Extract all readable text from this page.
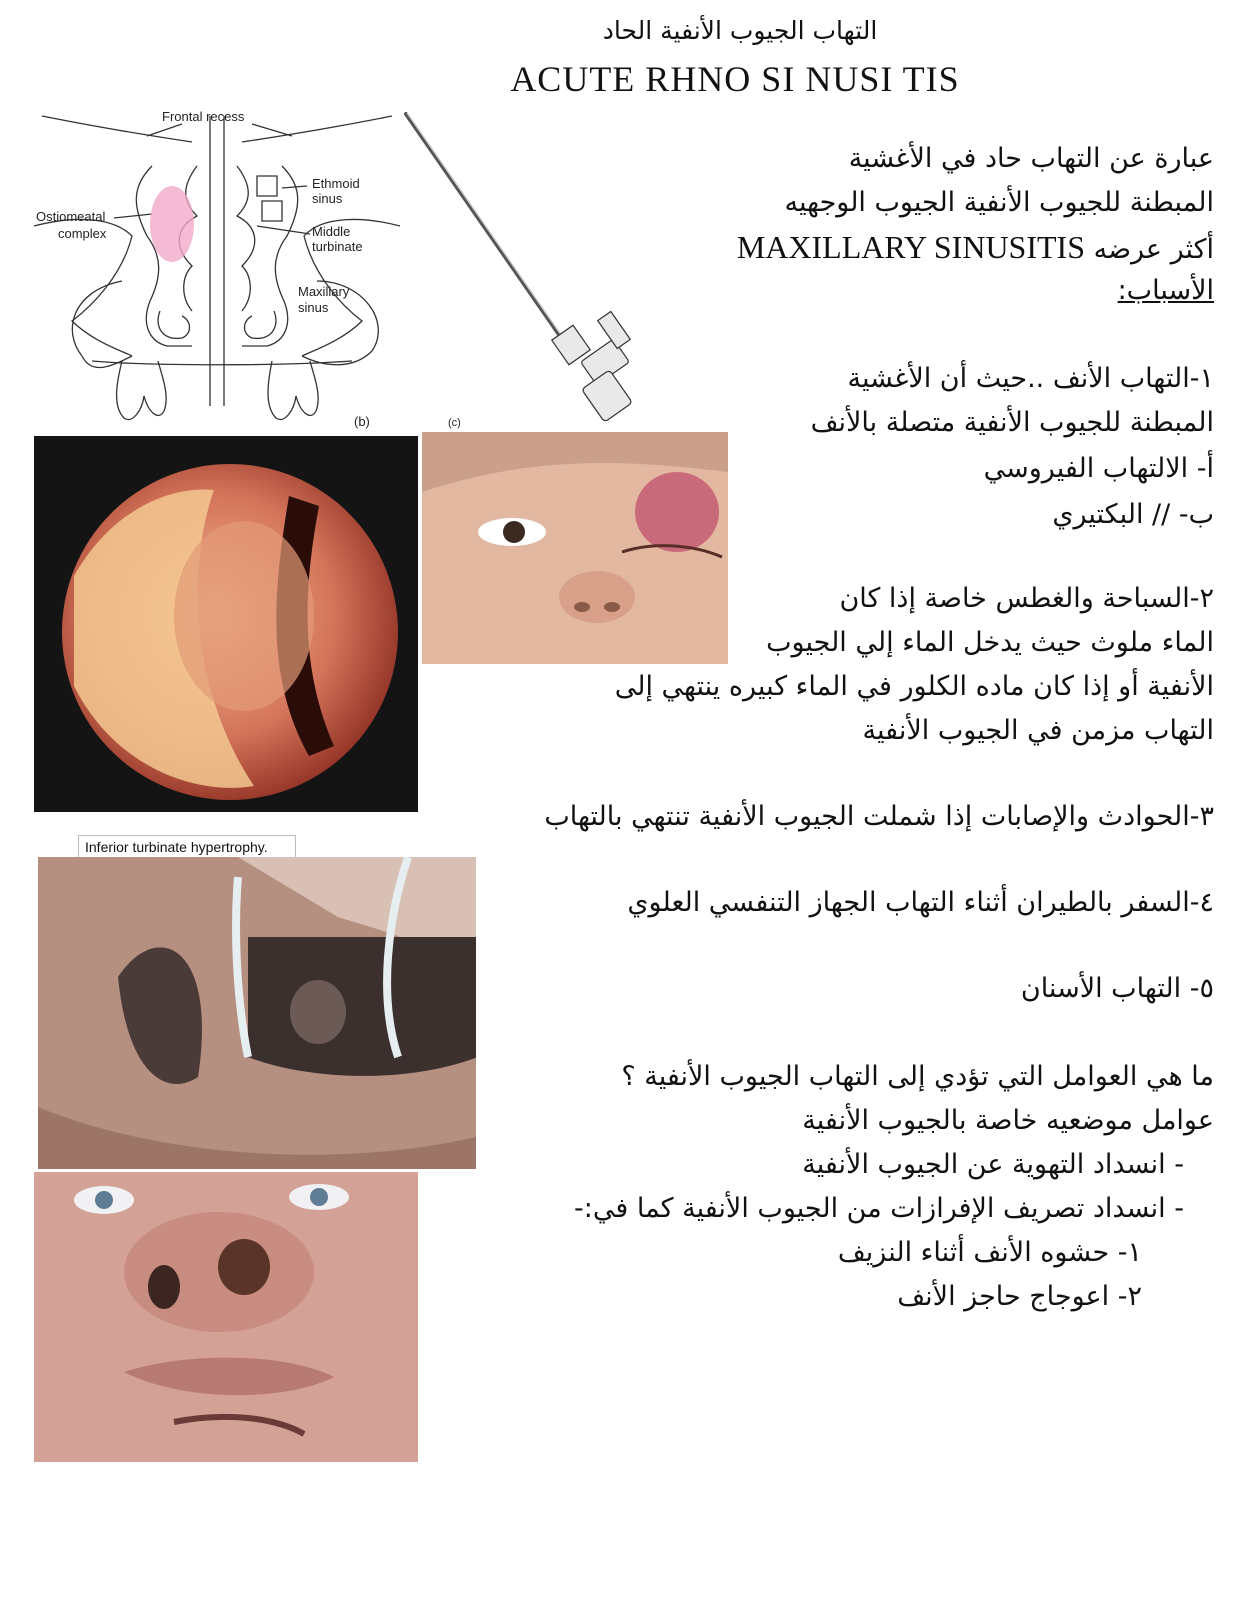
التهاب الجيوب الأنفية الحاد
ACUTE RHNO SI NUSI TIS
Frontal recess
Ethmoid
sinus
Ostiomeatal
complex	Middle
turbinate
Maxillary
sinus
(b)	(c)
Inferior turbinate hypertrophy.
عبارة عن التهاب حاد في الأغشية
المبطنة للجيوب الأنفية الجيوب الوجهيه
أكثر عرضه MAXILLARY SINUSITIS
الأسباب:
١-التهاب الأنف ..حيث أن الأغشية
المبطنة للجيوب الأنفية متصلة بالأنف
أ- الالتهاب الفيروسي
ب- // البكتيري
٢-السباحة والغطس خاصة إذا كان
الماء ملوث حيث يدخل الماء إلي الجيوب
الأنفية أو إذا كان ماده الكلور في الماء كبيره ينتهي إلى
التهاب مزمن في الجيوب الأنفية
٣-الحوادث والإصابات إذا شملت الجيوب الأنفية تنتهي بالتهاب
٤-السفر بالطيران أثناء التهاب الجهاز التنفسي العلوي
٥- التهاب الأسنان
ما هي العوامل التي تؤدي إلى التهاب الجيوب الأنفية ؟
عوامل موضعيه خاصة بالجيوب الأنفية
- انسداد التهوية عن الجيوب الأنفية
- انسداد تصريف الإفرازات من الجيوب الأنفية كما في:-
١- حشوه الأنف أثناء النزيف
٢- اعوجاج حاجز الأنف
